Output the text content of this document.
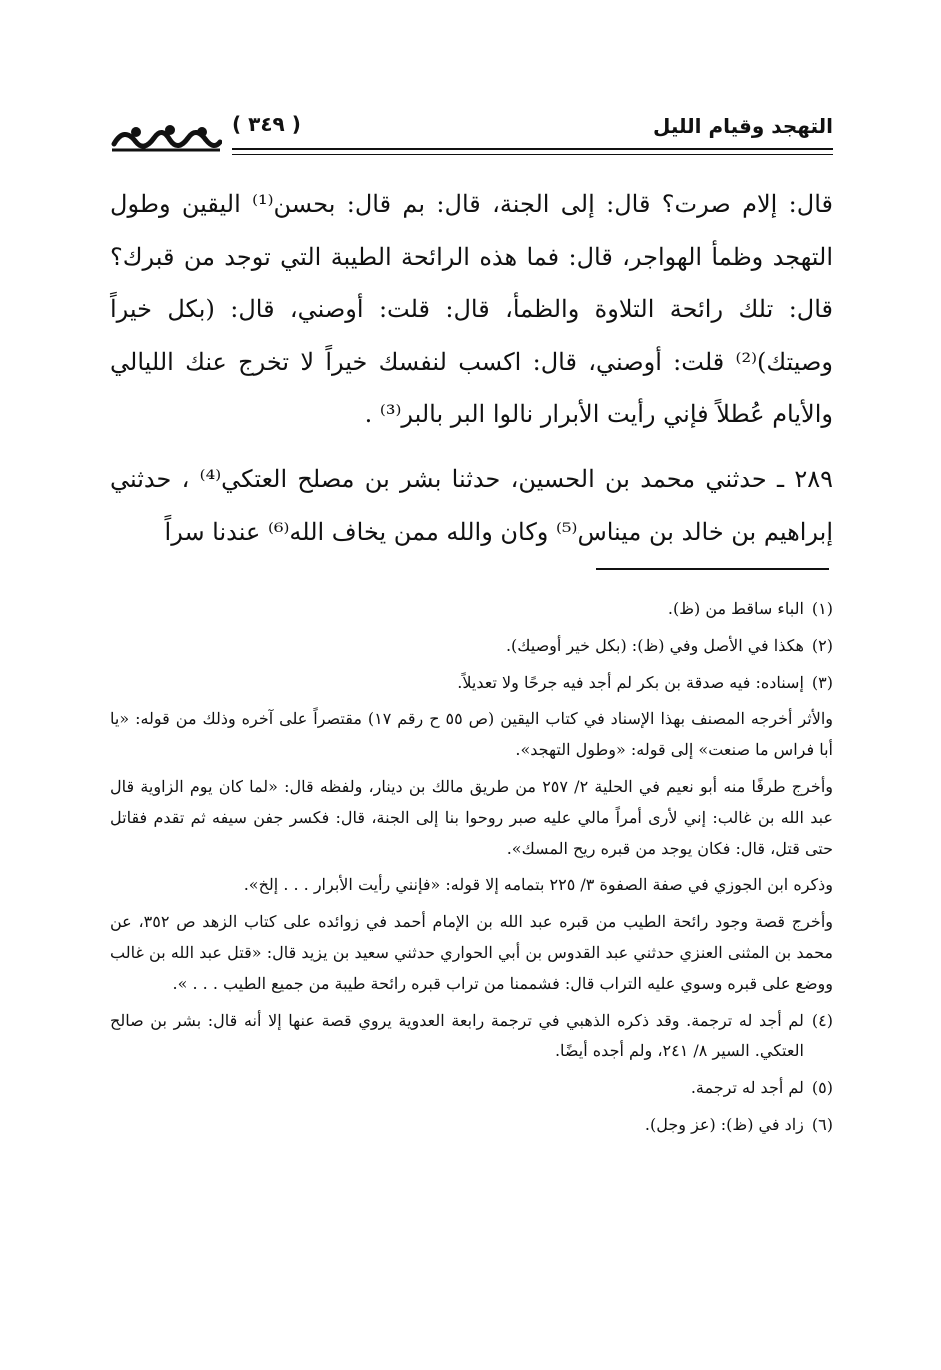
التهجد وقيام الليل
( ٣٤٩ )

قال: إلام صرت؟ قال: إلى الجنة، قال: بم قال: بحسن⁽¹⁾ اليقين وطول التهجد وظمأ الهواجر، قال: فما هذه الرائحة الطيبة التي توجد من قبرك؟ قال: تلك رائحة التلاوة والظمأ، قال: قلت: أوصني، قال: (بكل خيراً وصيتك)⁽²⁾ قلت: أوصني، قال: اكسب لنفسك خيراً لا تخرج عنك الليالي والأيام عُطلاً فإني رأيت الأبرار نالوا البر بالبر⁽³⁾ .

٢٨٩ ـ حدثني محمد بن الحسين، حدثنا بشر بن مصلح العتكي⁽⁴⁾ ، حدثني إبراهيم بن خالد بن ميناس⁽⁵⁾ وكان والله ممن يخاف الله⁽⁶⁾ عندنا سراً

(١)

الباء ساقط من (ظ).

(٢)

هكذا في الأصل وفي (ظ): (بكل خير أوصيك).

(٣)

إسناده: فيه صدقة بن بكر لم أجد فيه جرحًا ولا تعديلاً.

والأثر أخرجه المصنف بهذا الإسناد في كتاب اليقين (ص ٥٥ ح رقم ١٧) مقتصراً على آخره وذلك من قوله: «يا أبا فراس ما صنعت» إلى قوله: «وطول التهجد».

وأخرج طرفًا منه أبو نعيم في الحلية ٢/ ٢٥٧ من طريق مالك بن دينار، ولفظه قال: «لما كان يوم الزاوية قال عبد الله بن غالب: إني لأرى أمراً مالي عليه صبر روحوا بنا إلى الجنة، قال: فكسر جفن سيفه ثم تقدم فقاتل حتى قتل، قال: فكان يوجد من قبره ريح المسك».

وذكره ابن الجوزي في صفة الصفوة ٣/ ٢٢٥ بتمامه إلا قوله: «فإنني رأيت الأبرار . . . إلخ».

وأخرج قصة وجود رائحة الطيب من قبره عبد الله بن الإمام أحمد في زوائده على كتاب الزهد ص ٣٥٢، عن محمد بن المثنى العنزي حدثني عبد القدوس بن أبي الحواري حدثني سعيد بن يزيد قال: «قتل عبد الله بن غالب ووضع على قبره وسوي عليه التراب قال: فشممنا من تراب قبره رائحة طيبة من جميع الطيب . . . ».

(٤)

لم أجد له ترجمة. وقد ذكره الذهبي في ترجمة رابعة العدوية يروي قصة عنها إلا أنه قال: بشر بن صالح العتكي. السير ٨/ ٢٤١، ولم أجده أيضًا.

(٥)

لم أجد له ترجمة.

(٦)

زاد في (ظ): (عز وجل).
